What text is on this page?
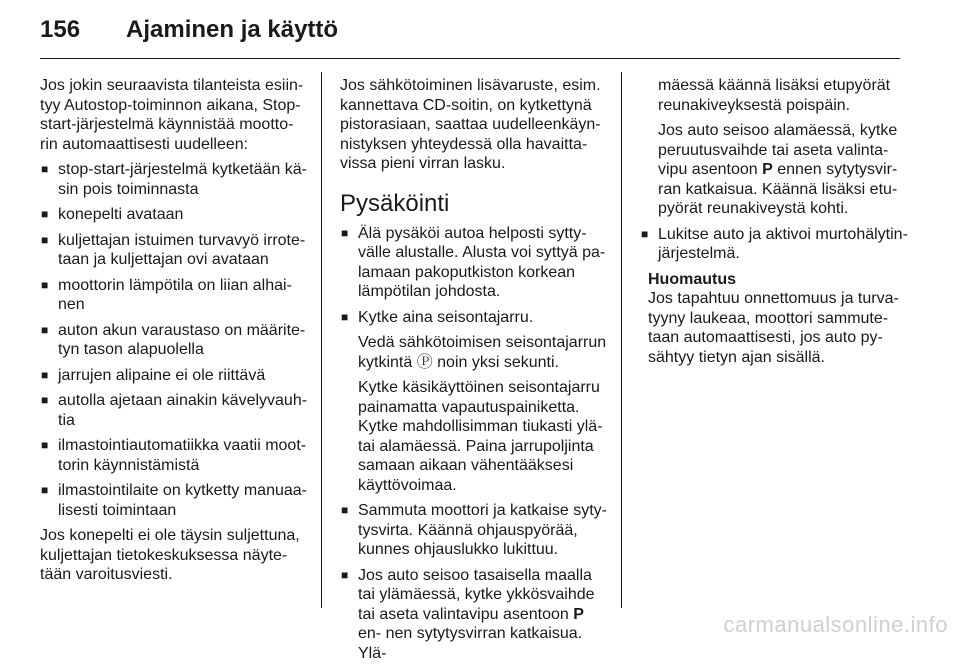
156	Ajaminen ja käyttö

Jos jokin seuraavista tilanteista esiin- tyy Autostop-toiminnon aikana, Stop- start-järjestelmä käynnistää mootto- rin automaattisesti uudelleen:

■ stop-start-järjestelmä kytketään kä- sin pois toiminnasta
■ konepelti avataan
■ kuljettajan istuimen turvavyö irrote- taan ja kuljettajan ovi avataan
■ moottorin lämpötila on liian alhai- nen
■ auton akun varaustaso on määrite- tyn tason alapuolella
■ jarrujen alipaine ei ole riittävä
■ autolla ajetaan ainakin kävelyvauh- tia
■ ilmastointiautomatiikka vaatii moot- torin käynnistämistä
■ ilmastointilaite on kytketty manuaa- lisesti toimintaan

Jos konepelti ei ole täysin suljettuna, kuljettajan tietokeskuksessa näyte- tään varoitusviesti.

Jos sähkötoiminen lisävaruste, esim. kannettava CD-soitin, on kytkettynä pistorasiaan, saattaa uudelleenkäyn- nistyksen yhteydessä olla havaitta- vissa pieni virran lasku.

Pysäköinti
■ Älä pysäköi autoa helposti sytty- välle alustalle. Alusta voi syttyä pa- lamaan pakoputkiston korkean lämpötilan johdosta.
■ Kytke aina seisontajarru.
Vedä sähkötoimisen seisontajarrun kytkintä Ⓟ noin yksi sekunti.
Kytke käsikäyttöinen seisontajarru painamatta vapautuspainiketta. Kytke mahdollisimman tiukasti ylä- tai alamäessä. Paina jarrupoljinta samaan aikaan vähentääksesi käyttövoimaa.
■ Sammuta moottori ja katkaise syty- tysvirta. Käännä ohjauspyörää, kunnes ohjauslukko lukittuu.
■ Jos auto seisoo tasaisella maalla tai ylämäessä, kytke ykkösvaihde tai aseta valintavipu asentoon P en- nen sytytysvirran katkaisua. Ylä-
mäessä käännä lisäksi etupyörät reunakiveyksestä poispäin.
Jos auto seisoo alamäessä, kytke peruutusvaihde tai aseta valinta- vipu asentoon P ennen sytytysvir- ran katkaisua. Käännä lisäksi etu- pyörät reunakiveystä kohti.
■ Lukitse auto ja aktivoi murtohälytin- järjestelmä.

Huomautus

Jos tapahtuu onnettomuus ja turva- tyyny laukeaa, moottori sammute- taan automaattisesti, jos auto py- sähtyy tietyn ajan sisällä.

carmanualsonline.info
